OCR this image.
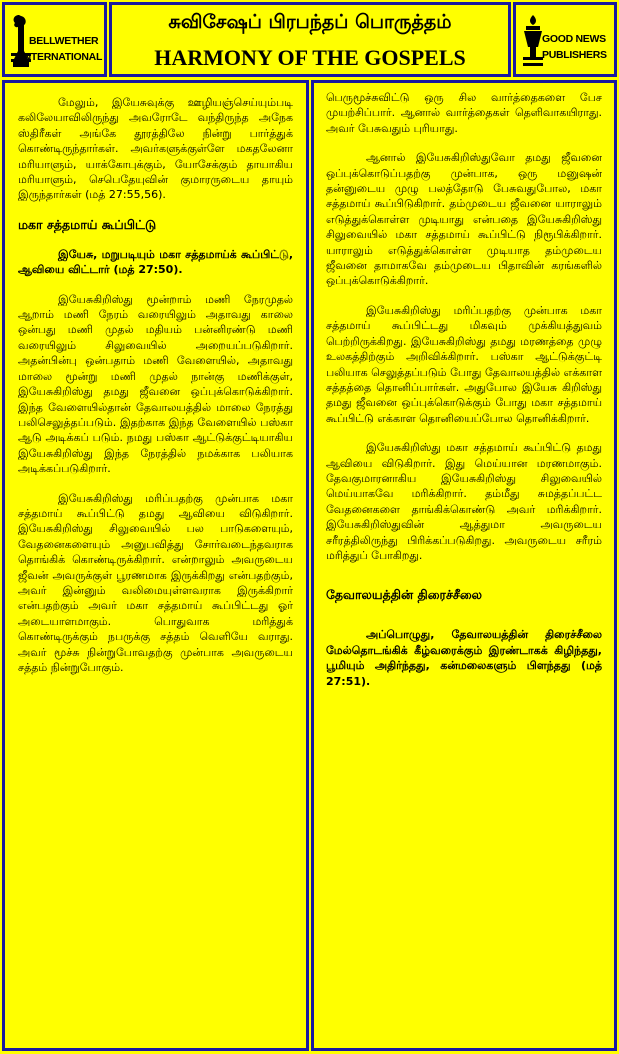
BELLWETHER
INTERNATIONAL
சுவிசேஷப் பிரபந்தப் பொருத்தம்
HARMONY OF THE GOSPELS
GOOD NEWS
PUBLISHERS

மேலும், இயேசுவுக்கு ஊழியஞ்செய்யும்படி கலிலேயாவிலிருந்து அவரோடே வந்திருந்த அநேக ஸ்திரீகள் அங்கே தூரத்திலே நின்று பார்த்துக் கொண்டிருந்தார்கள். அவர்களுக்குள்ளே மகதலேனா மரியாளும், யாக்கோபுக்கும், யோசேக்கும் தாயாகிய மரியாளும், செபெதேயுவின் குமாரருடைய தாயும் இருந்தார்கள் (மத் 27:55,56).

மகா சத்தமாய் கூப்பிட்டு

இயேசு, மறுபடியும் மகா சத்தமாய்க் கூப்பிட்டு, ஆவியை விட்டார் (மத் 27:50).

இயேசுகிறிஸ்து மூன்றாம் மணி நேரமுதல் ஆறாம் மணி நேரம் வரையிலும் அதாவது காலை ஒன்பது மணி முதல் மதியம் பன்னிரண்டு மணி வரையிலும் சிலுவையில் அறையப்படுகிறார். அதன்பின்பு ஒன்பதாம் மணி வேளையில், அதாவது மாலை மூன்று மணி முதல் நான்கு மணிக்குள், இயேசுகிறிஸ்து தமது ஜீவனை ஒப்புக்கொடுக்கிறார். இந்த வேளையில்தான் தேவாலயத்தில் மாலை நேரத்து பலிசெலுத்தப்படும். இதற்காக இந்த வேளையில் பஸ்கா ஆடு அடிக்கப் படும். நமது பஸ்கா ஆட்டுக்குட்டியாகிய இயேசுகிறிஸ்து இந்த நேரத்தில் நமக்காக பலியாக அடிக்கப்படுகிறார்.

இயேசுகிறிஸ்து மரிப்பதற்கு முன்பாக மகா சத்தமாய் கூப்பிட்டு தமது ஆவியை விடுகிறார். இயேசுகிறிஸ்து சிலுவையில் பல பாடுகளையும், வேதனைகளையும் அனுபவித்து சோர்வடைந்தவராக தொங்கிக் கொண்டிருக்கிறார். என்றாலும் அவருடைய ஜீவன் அவருக்குள் பூரணமாக இருக்கிறது என்பதற்கும், அவர் இன்னும் வலிமையுள்ளவராக இருக்கிறார் என்பதற்கும் அவர் மகா சத்தமாய் கூப்பிட்டது ஓர் அடையாளமாகும். பொதுவாக மரித்துக் கொண்டிருக்கும் நபருக்கு சத்தம் வெளியே வராது. அவர் மூச்சு நின்றுபோவதற்கு முன்பாக அவருடைய சத்தம் நின்றுபோகும்.

பெருமூச்சுவிட்டு ஒரு சில வார்த்தைகளை பேச முயற்சிப்பார். ஆனால் வார்த்தைகள் தெளிவாகயிராது. அவர் பேசுவதும் புரியாது.

ஆனால் இயேசுகிறிஸ்துவோ தமது ஜீவனை ஒப்புக்கொடுப்பதற்கு முன்பாக, ஒரு மனுஷன் தன்னுடைய முழு பலத்தோடு பேசுவதுபோல, மகா சத்தமாய் கூப்பிடுகிறார். தம்முடைய ஜீவனை யாராலும் எடுத்துக்கொள்ள முடியாது என்பதை இயேசுகிறிஸ்து சிலுவையில் மகா சத்தமாய் கூப்பிட்டு நிரூபிக்கிறார். யாராலும் எடுத்துக்கொள்ள முடியாத தம்முடைய ஜீவனை தாமாகவே தம்முடைய பிதாவின் கரங்களில் ஒப்புக்கொடுக்கிறார்.

இயேசுகிறிஸ்து மரிப்பதற்கு முன்பாக மகா சத்தமாய் கூப்பிட்டது மிகவும் முக்கியத்துவம் பெற்றிருக்கிறது. இயேசுகிறிஸ்து தமது மரணத்தை முழு உலகத்திற்கும் அறிவிக்கிறார். பஸ்கா ஆட்டுக்குட்டி பலியாக செலுத்தப்படும் போது தேவாலயத்தில் எக்காள சத்தத்தை தொனிப்பார்கள். அதுபோல இயேசு கிறிஸ்து தமது ஜீவனை ஒப்புக்கொடுக்கும் போது மகா சத்தமாய் கூப்பிட்டு எக்காள தொனியைப்போல தொனிக்கிறார்.

இயேசுகிறிஸ்து மகா சத்தமாய் கூப்பிட்டு தமது ஆவியை விடுகிறார். இது மெய்யான மரணமாகும். தேவகுமாரனாகிய இயேசுகிறிஸ்து சிலுவையில் மெய்யாகவே மரிக்கிறார். தம்மீது சுமத்தப்பட்ட வேதனைகளை தாங்கிக்கொண்டு அவர் மரிக்கிறார். இயேசுகிறிஸ்துவின் ஆத்துமா அவருடைய சரீரத்திலிருந்து பிரிக்கப்படுகிறது. அவருடைய சரீரம் மரித்துப் போகிறது.

தேவாலயத்தின் திரைச்சீலை

அப்பொழுது, தேவாலயத்தின் திரைச்சீலை மேல்தொடங்கிக் கீழ்வரைக்கும் இரண்டாகக் கிழிந்தது, பூமியும் அதிர்ந்தது, கன்மலைகளும் பிளந்தது (மத் 27:51).
